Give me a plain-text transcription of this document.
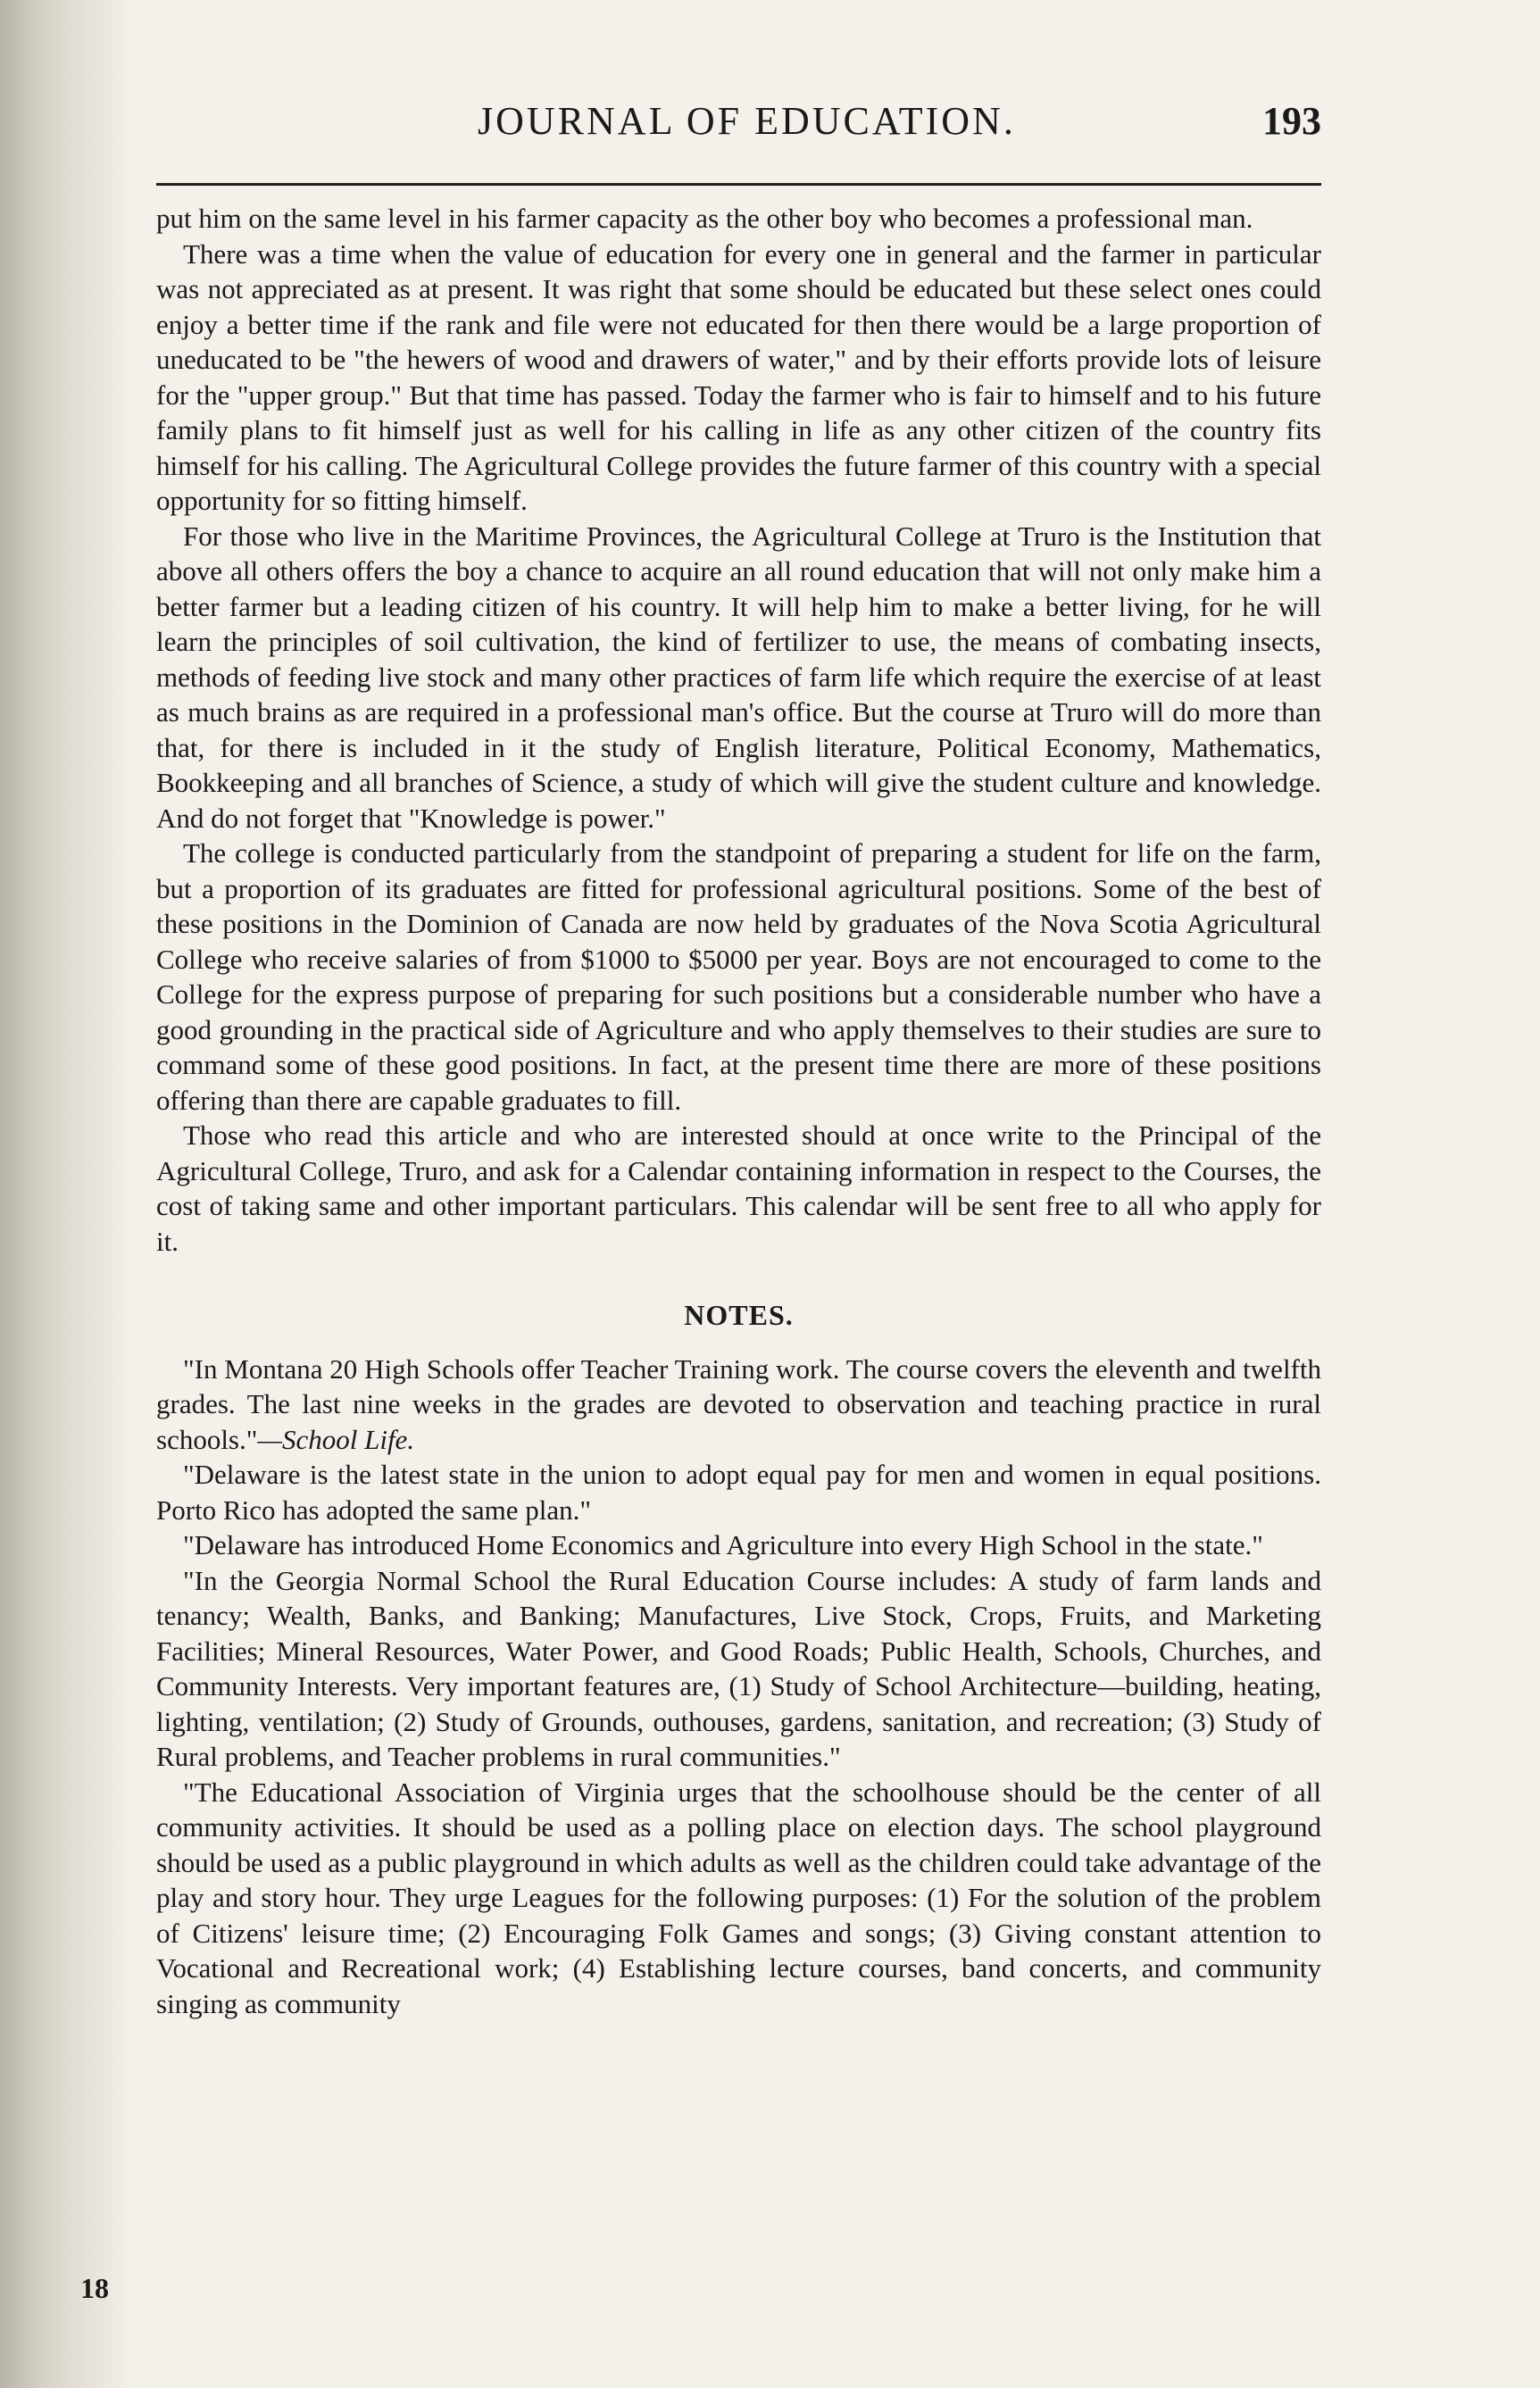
JOURNAL OF EDUCATION.	193

put him on the same level in his farmer capacity as the other boy who becomes a professional man.

There was a time when the value of education for every one in general and the farmer in particular was not appreciated as at present. It was right that some should be educated but these select ones could enjoy a better time if the rank and file were not educated for then there would be a large proportion of uneducated to be "the hewers of wood and drawers of water," and by their efforts provide lots of leisure for the "upper group." But that time has passed. Today the farmer who is fair to himself and to his future family plans to fit himself just as well for his calling in life as any other citizen of the country fits himself for his calling. The Agricultural College provides the future farmer of this country with a special opportunity for so fitting himself.

For those who live in the Maritime Provinces, the Agricultural College at Truro is the Institution that above all others offers the boy a chance to acquire an all round education that will not only make him a better farmer but a leading citizen of his country. It will help him to make a better living, for he will learn the principles of soil cultivation, the kind of fertilizer to use, the means of combating insects, methods of feeding live stock and many other practices of farm life which require the exercise of at least as much brains as are required in a professional man's office. But the course at Truro will do more than that, for there is included in it the study of English literature, Political Economy, Mathematics, Bookkeeping and all branches of Science, a study of which will give the student culture and knowledge. And do not forget that "Knowledge is power."

The college is conducted particularly from the standpoint of preparing a student for life on the farm, but a proportion of its graduates are fitted for professional agricultural positions. Some of the best of these positions in the Dominion of Canada are now held by graduates of the Nova Scotia Agricultural College who receive salaries of from $1000 to $5000 per year. Boys are not encouraged to come to the College for the express purpose of preparing for such positions but a considerable number who have a good grounding in the practical side of Agriculture and who apply themselves to their studies are sure to command some of these good positions. In fact, at the present time there are more of these positions offering than there are capable graduates to fill.

Those who read this article and who are interested should at once write to the Principal of the Agricultural College, Truro, and ask for a Calendar containing information in respect to the Courses, the cost of taking same and other important particulars. This calendar will be sent free to all who apply for it.

NOTES.

"In Montana 20 High Schools offer Teacher Training work. The course covers the eleventh and twelfth grades. The last nine weeks in the grades are devoted to observation and teaching practice in rural schools."—School Life.

"Delaware is the latest state in the union to adopt equal pay for men and women in equal positions. Porto Rico has adopted the same plan."

"Delaware has introduced Home Economics and Agriculture into every High School in the state."

"In the Georgia Normal School the Rural Education Course includes: A study of farm lands and tenancy; Wealth, Banks, and Banking; Manufactures, Live Stock, Crops, Fruits, and Marketing Facilities; Mineral Resources, Water Power, and Good Roads; Public Health, Schools, Churches, and Community Interests. Very important features are, (1) Study of School Architecture—building, heating, lighting, ventilation; (2) Study of Grounds, outhouses, gardens, sanitation, and recreation; (3) Study of Rural problems, and Teacher problems in rural communities."

"The Educational Association of Virginia urges that the schoolhouse should be the center of all community activities. It should be used as a polling place on election days. The school playground should be used as a public playground in which adults as well as the children could take advantage of the play and story hour. They urge Leagues for the following purposes: (1) For the solution of the problem of Citizens' leisure time; (2) Encouraging Folk Games and songs; (3) Giving constant attention to Vocational and Recreational work; (4) Establishing lecture courses, band concerts, and community singing as community

18
